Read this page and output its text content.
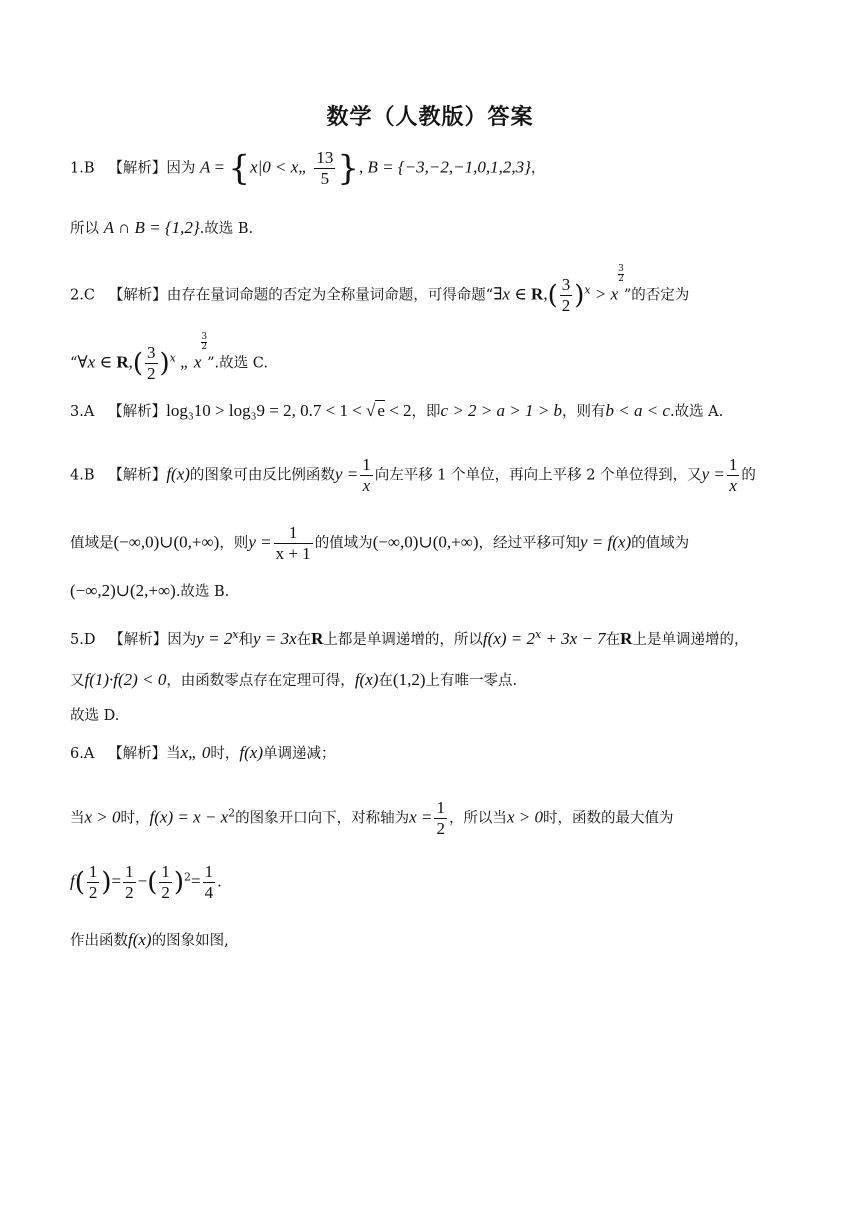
数学（人教版）答案
1.B 【解析】因为 A = {x|0 < x„ $\frac{13}{5}$ }, B = {−3,−2,−1,0,1,2,3}，
所以 A ∩ B = {1,2}.故选 B.
2.C 【解析】由存在量词命题的否定为全称量词命题，可得命题“∃x ∈ $R,( \frac{3}{2} )^x > x$
$\frac{3}{2}$
”的否定为
“∀x ∈ $R,( \frac{3}{2} )^x$ „ x
$\frac{3}{2}$
”.故选 C.
3.A 【解析】log₃10 > log₃9 = 2, 0.7 < 1 < √ e < 2，即c > 2 > a > 1 > b，则有b < a < c.故选 A.
4.B 【解析】f(x)的图象可由反比例函数$y = \frac{1}{x}$ 向左平移 1 个单位，再向上平移 2 个单位得到，又$y = \frac{1}{x}$ 的
值域是(−∞,0)∪(0,+∞)，则$y = \frac{1}{x + 1}$ 的值域为(−∞,0)∪(0,+∞)，经过平移可知y = f(x)的值域为
(−∞,2)∪(2,+∞).故选 B.
5.D 【解析】因为$y = 2^x$和y = 3x在R上都是单调递增的，所以$f(x) = 2^x + 3x - 7$在R上是单调递增的，
又f(1)·f(2) < 0，由函数零点存在定理可得，f(x)在(1,2)上有唯一零点.
故选 D.
6.A 【解析】当x„ 0时，f(x)单调递减；
当x > 0时，$f(x) = x - x^2$的图象开口向下，对称轴为$x = \frac{1}{2}$ ，所以当x > 0时，函数的最大值为
$f( \frac{1}{2}$ )= $\frac{1}{2}$ −( $\frac{1}{2} )^2= \frac{1}{4}$ .
作出函数f(x)的图象如图,
